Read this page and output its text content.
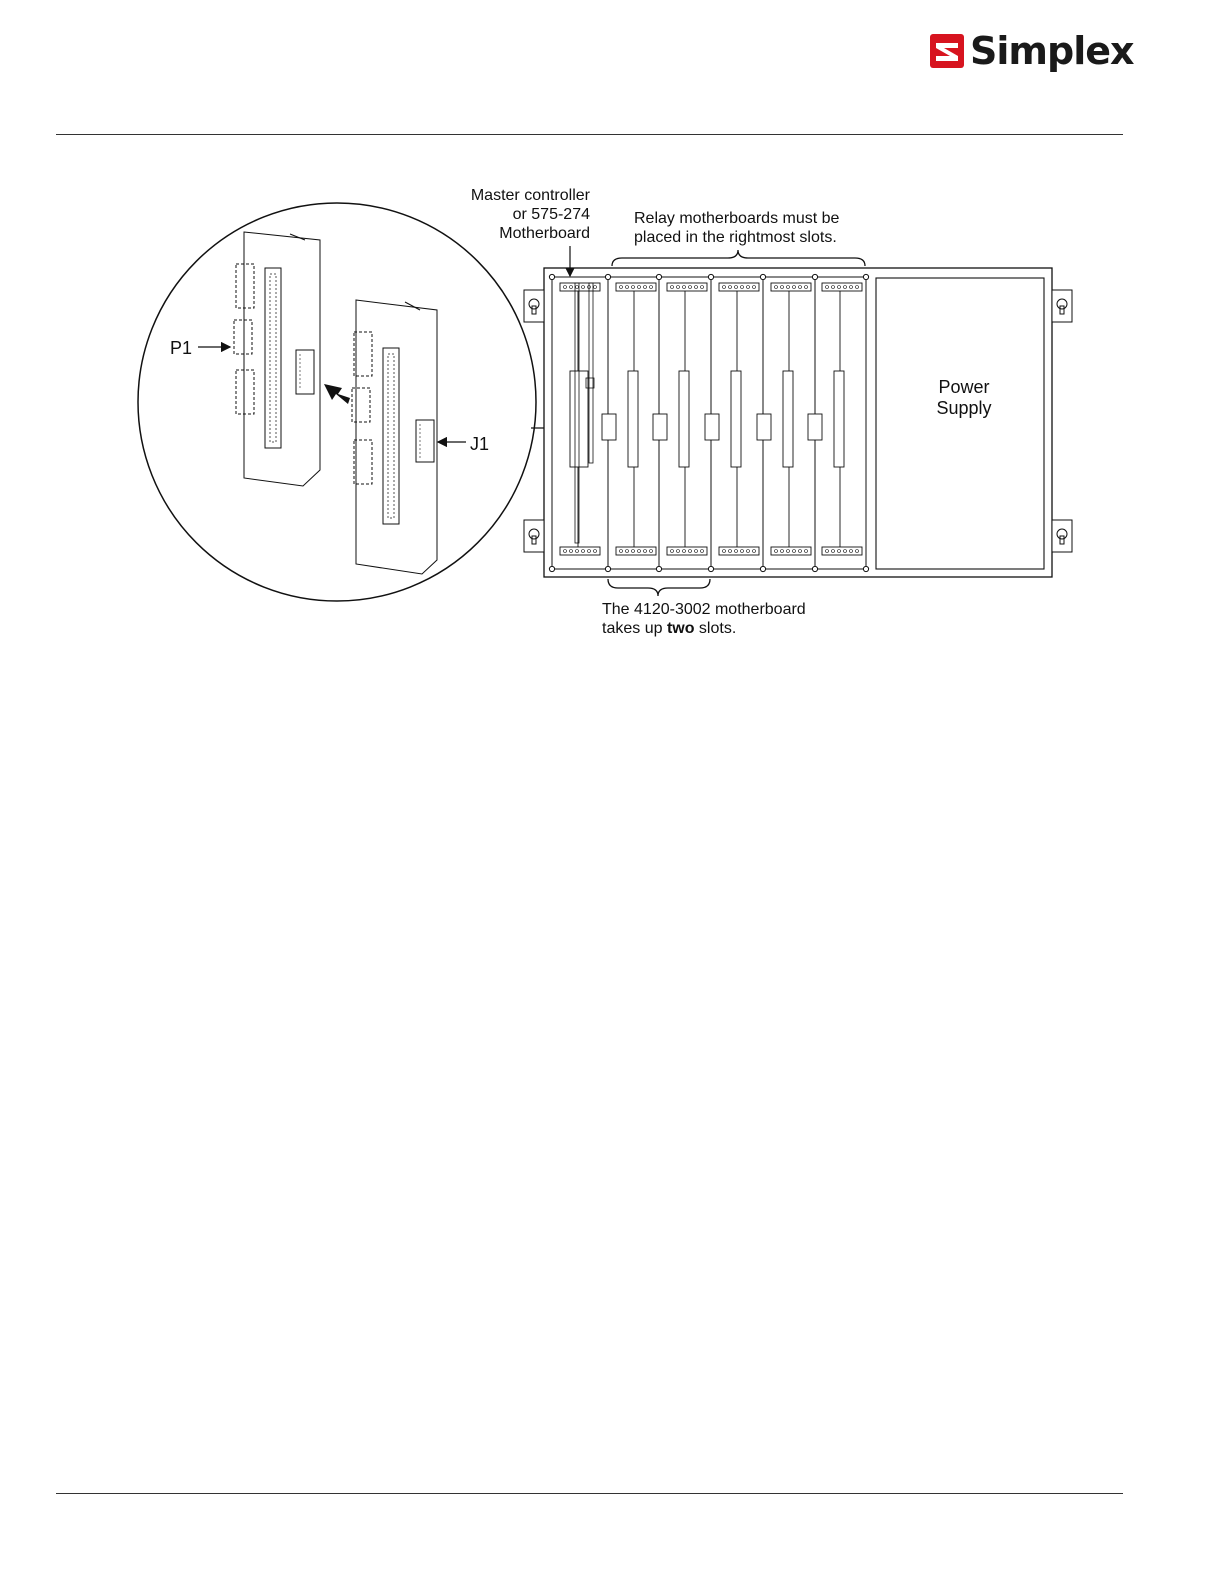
Simplex
Master controller
or 575-274
Motherboard
Relay motherboards must be
placed in the rightmost slots.
P1
J1
Power
Supply
The 4120-3002 motherboard
takes up two slots.
